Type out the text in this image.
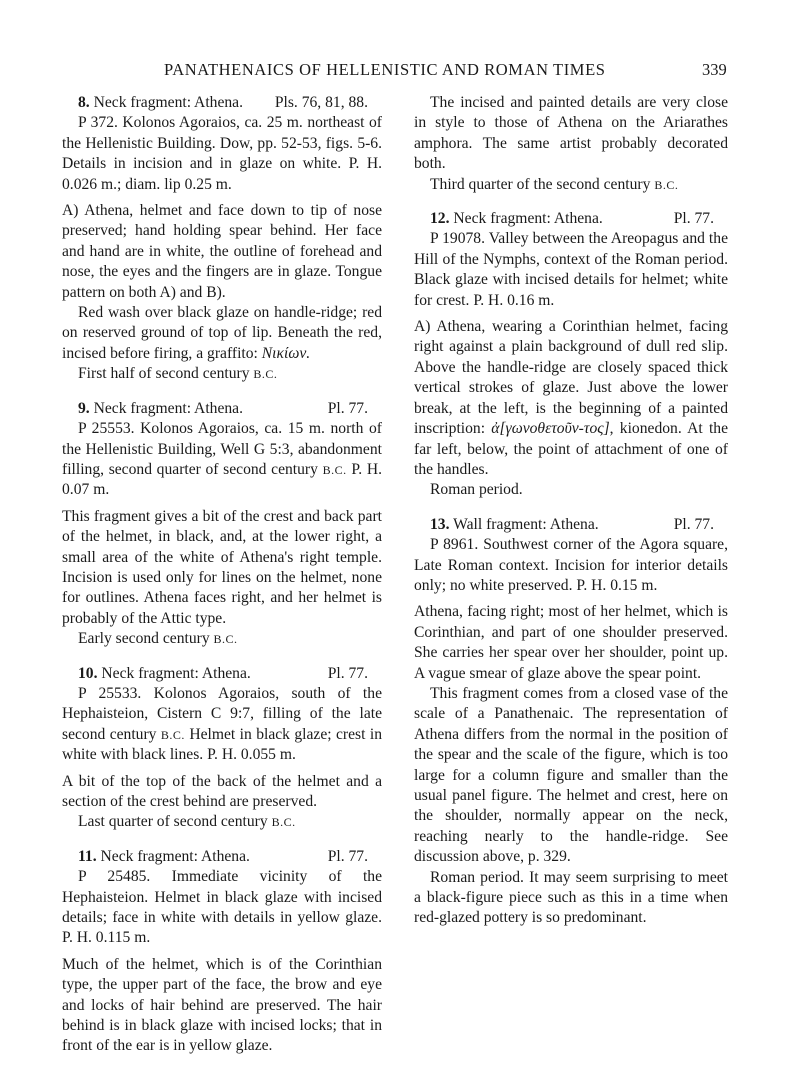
PANATHENAICS OF HELLENISTIC AND ROMAN TIMES	339

8. Neck fragment: Athena.	Pls. 76, 81, 88.

P 372. Kolonos Agoraios, ca. 25 m. northeast of the Hellenistic Building. Dow, pp. 52-53, figs. 5-6. Details in incision and in glaze on white. P. H. 0.026 m.; diam. lip 0.25 m.

A) Athena, helmet and face down to tip of nose preserved; hand holding spear behind. Her face and hand are in white, the outline of forehead and nose, the eyes and the fingers are in glaze. Tongue pattern on both A) and B).

Red wash over black glaze on handle-ridge; red on reserved ground of top of lip. Beneath the red, incised before firing, a graffito: Νικίων.

First half of second century B.C.

9. Neck fragment: Athena.	Pl. 77.

P 25553. Kolonos Agoraios, ca. 15 m. north of the Hellenistic Building, Well G 5:3, abandonment filling, second quarter of second century B.C. P. H. 0.07 m.

This fragment gives a bit of the crest and back part of the helmet, in black, and, at the lower right, a small area of the white of Athena's right temple. Incision is used only for lines on the helmet, none for outlines. Athena faces right, and her helmet is probably of the Attic type.

Early second century B.C.

10. Neck fragment: Athena.	Pl. 77.

P 25533. Kolonos Agoraios, south of the Hephaisteion, Cistern C 9:7, filling of the late second century B.C. Helmet in black glaze; crest in white with black lines. P. H. 0.055 m.

A bit of the top of the back of the helmet and a section of the crest behind are preserved.

Last quarter of second century B.C.

11. Neck fragment: Athena.	Pl. 77.

P 25485. Immediate vicinity of the Hephaisteion. Helmet in black glaze with incised details; face in white with details in yellow glaze. P. H. 0.115 m.

Much of the helmet, which is of the Corinthian type, the upper part of the face, the brow and eye and locks of hair behind are preserved. The hair behind is in black glaze with incised locks; that in front of the ear is in yellow glaze.

The incised and painted details are very close in style to those of Athena on the Ariarathes amphora. The same artist probably decorated both.

Third quarter of the second century B.C.

12. Neck fragment: Athena.	Pl. 77.

P 19078. Valley between the Areopagus and the Hill of the Nymphs, context of the Roman period. Black glaze with incised details for helmet; white for crest. P. H. 0.16 m.

A) Athena, wearing a Corinthian helmet, facing right against a plain background of dull red slip. Above the handle-ridge are closely spaced thick vertical strokes of glaze. Just above the lower break, at the left, is the beginning of a painted inscription: ἀ[γωνοθετοῦν-τος], kionedon. At the far left, below, the point of attachment of one of the handles.

Roman period.

13. Wall fragment: Athena.	Pl. 77.

P 8961. Southwest corner of the Agora square, Late Roman context. Incision for interior details only; no white preserved. P. H. 0.15 m.

Athena, facing right; most of her helmet, which is Corinthian, and part of one shoulder preserved. She carries her spear over her shoulder, point up. A vague smear of glaze above the spear point.

This fragment comes from a closed vase of the scale of a Panathenaic. The representation of Athena differs from the normal in the position of the spear and the scale of the figure, which is too large for a column figure and smaller than the usual panel figure. The helmet and crest, here on the shoulder, normally appear on the neck, reaching nearly to the handle-ridge. See discussion above, p. 329.

Roman period. It may seem surprising to meet a black-figure piece such as this in a time when red-glazed pottery is so predominant.
